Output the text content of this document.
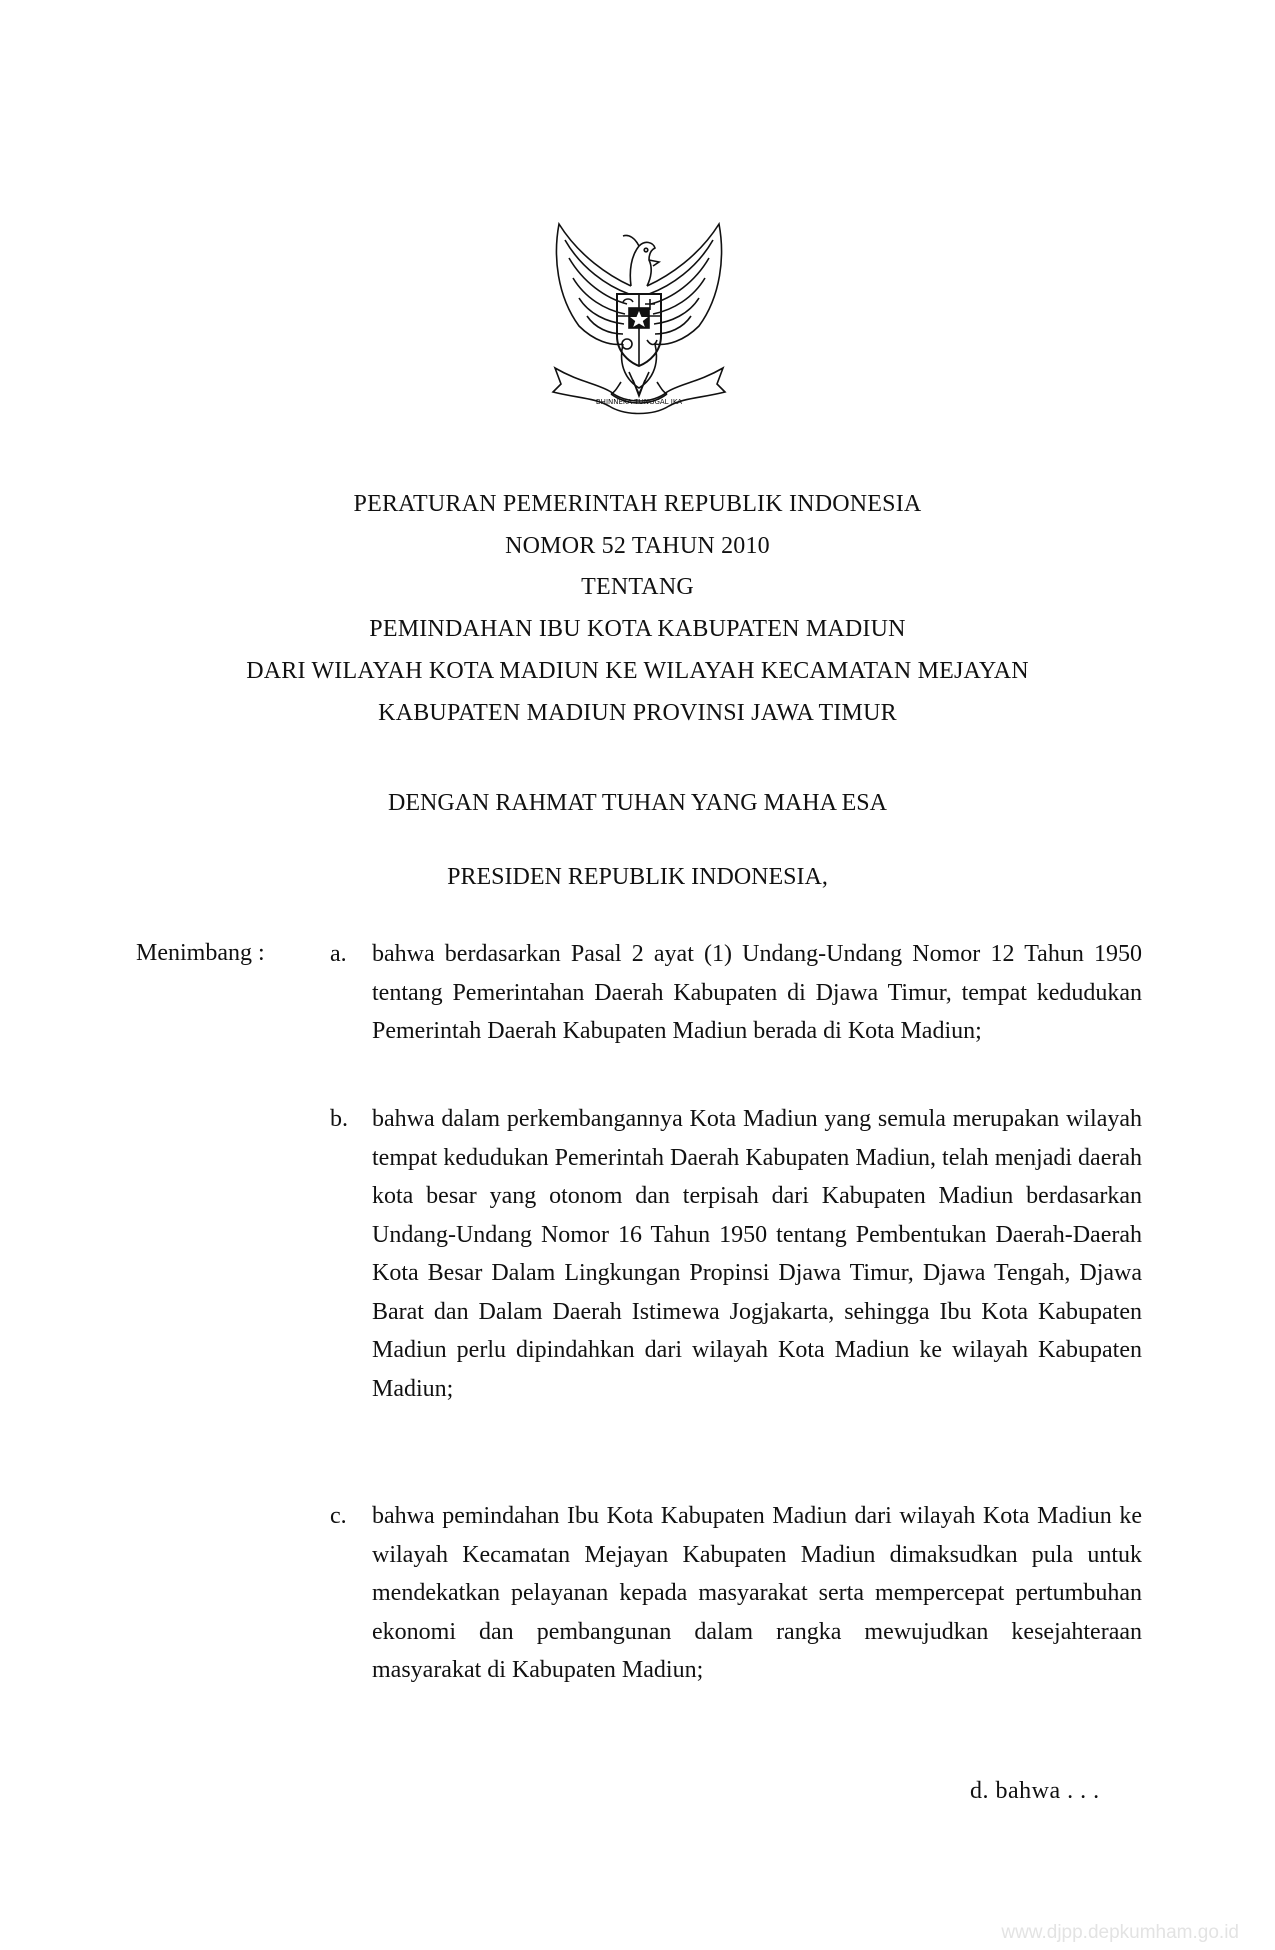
BHINNEKA TUNGGAL IKA
PERATURAN PEMERINTAH REPUBLIK INDONESIA
NOMOR 52 TAHUN 2010
TENTANG
PEMINDAHAN IBU KOTA KABUPATEN MADIUN
DARI WILAYAH KOTA MADIUN KE WILAYAH KECAMATAN MEJAYAN
KABUPATEN MADIUN PROVINSI JAWA TIMUR
DENGAN RAHMAT TUHAN YANG MAHA ESA
PRESIDEN REPUBLIK INDONESIA,
Menimbang :	a. bahwa berdasarkan Pasal 2 ayat (1) Undang-Undang Nomor 12 Tahun 1950 tentang Pemerintahan Daerah Kabupaten di Djawa Timur, tempat kedudukan Pemerintah Daerah Kabupaten Madiun berada di Kota Madiun;
b. bahwa dalam perkembangannya Kota Madiun yang semula merupakan wilayah tempat kedudukan Pemerintah Daerah Kabupaten Madiun, telah menjadi daerah kota besar yang otonom dan terpisah dari Kabupaten Madiun berdasarkan Undang-Undang Nomor 16 Tahun 1950 tentang Pembentukan Daerah-Daerah Kota Besar Dalam Lingkungan Propinsi Djawa Timur, Djawa Tengah, Djawa Barat dan Dalam Daerah Istimewa Jogjakarta, sehingga Ibu Kota Kabupaten Madiun perlu dipindahkan dari wilayah Kota Madiun ke wilayah Kabupaten Madiun;
c. bahwa pemindahan Ibu Kota Kabupaten Madiun dari wilayah Kota Madiun ke wilayah Kecamatan Mejayan Kabupaten Madiun dimaksudkan pula untuk mendekatkan pelayanan kepada masyarakat serta mempercepat pertumbuhan ekonomi dan pembangunan dalam rangka mewujudkan kesejahteraan masyarakat di Kabupaten Madiun;
d. bahwa . . .
www.djpp.depkumham.go.id
